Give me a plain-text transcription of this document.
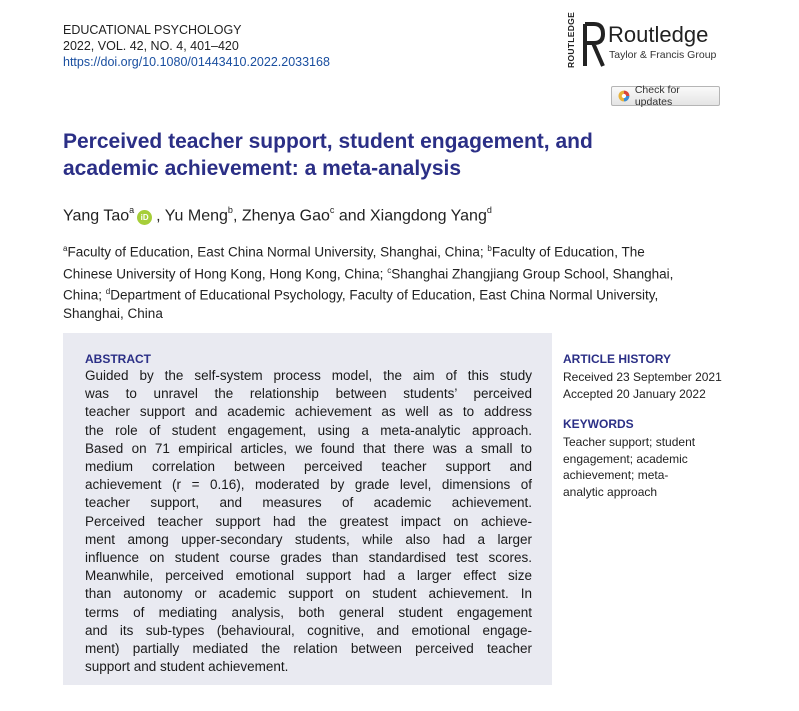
EDUCATIONAL PSYCHOLOGY
2022, VOL. 42, NO. 4, 401–420
https://doi.org/10.1080/01443410.2022.2033168	ROUTLEDGE Routledge
Taylor & Francis Group
Check for updates
Perceived teacher support, student engagement, and
academic achievement: a meta-analysis
Yang Tao$^a$iD , Yu Meng$^b$, Zhenya Gao$^c$ and Xiangdong Yang$^d$
$^a$Faculty of Education, East China Normal University, Shanghai, China; $^b$Faculty of Education, The
Chinese University of Hong Kong, Hong Kong, China; $^c$Shanghai Zhangjiang Group School, Shanghai,
China; $^d$Department of Educational Psychology, Faculty of Education, East China Normal University,
Shanghai, China
ABSTRACT
Guided by the self-system process model, the aim of this study
was to unravel the relationship between students’ perceived
teacher support and academic achievement as well as to address
the role of student engagement, using a meta-analytic approach.
Based on 71 empirical articles, we found that there was a small to
medium correlation between perceived teacher support and
achievement (r = 0.16), moderated by grade level, dimensions of
teacher support, and measures of academic achievement.
Perceived teacher support had the greatest impact on achieve-
ment among upper-secondary students, while also had a larger
influence on student course grades than standardised test scores.
Meanwhile, perceived emotional support had a larger effect size
than autonomy or academic support on student achievement. In
terms of mediating analysis, both general student engagement
and its sub-types (behavioural, cognitive, and emotional engage-
ment) partially mediated the relation between perceived teacher
support and student achievement.
ARTICLE HISTORY
Received 23 September 2021
Accepted 20 January 2022
KEYWORDS
Teacher support; student
engagement; academic
achievement; meta-
analytic approach
